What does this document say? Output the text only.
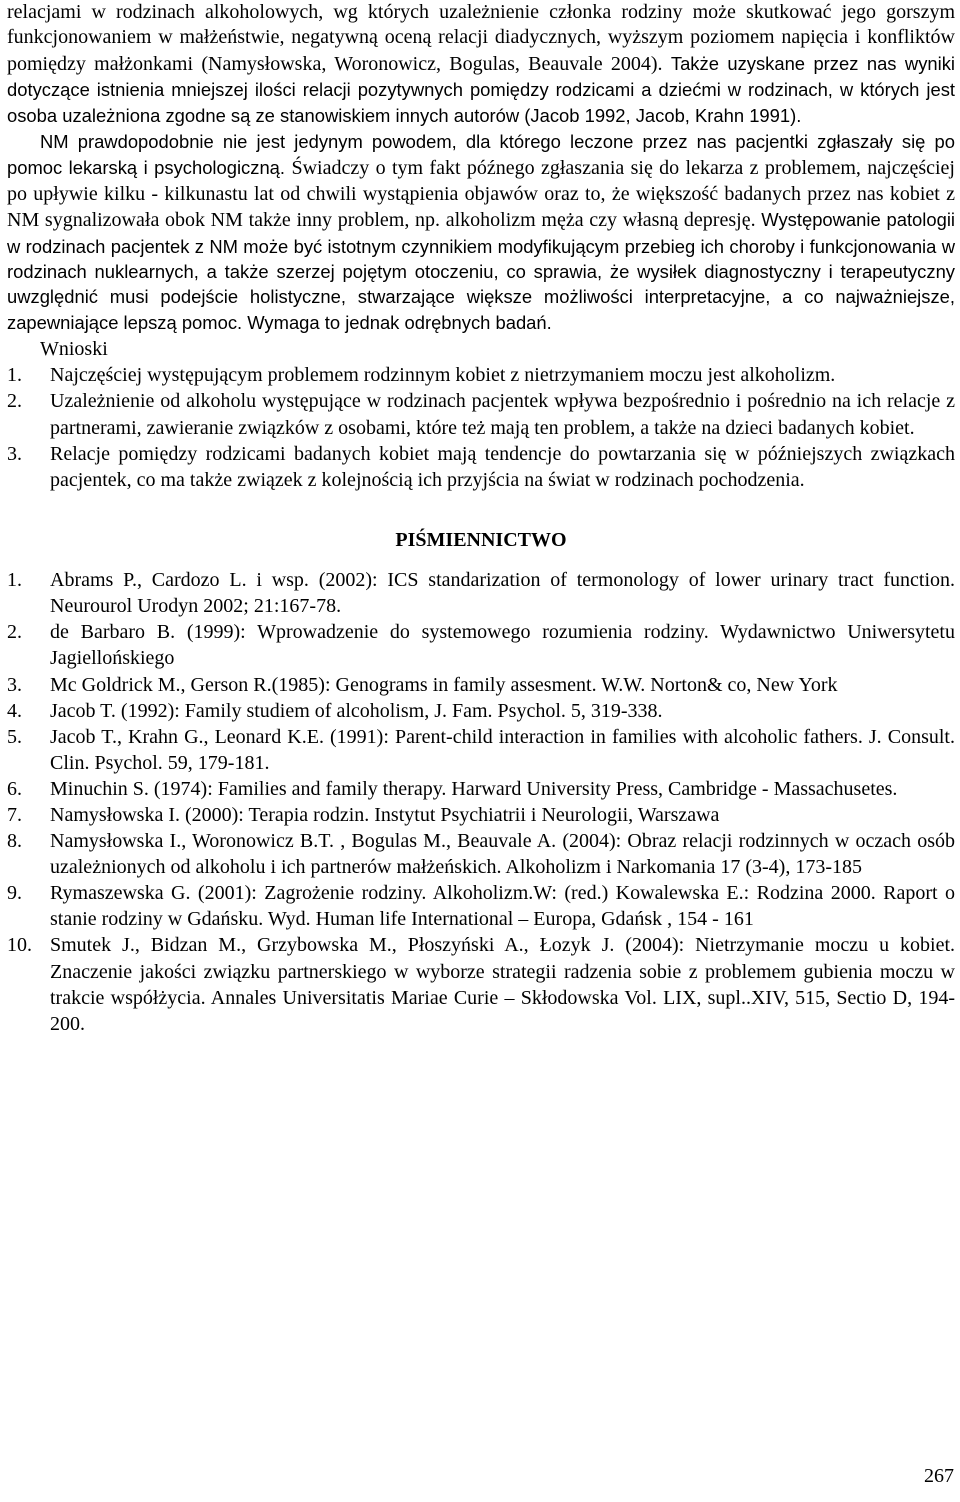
relacjami w rodzinach alkoholowych, wg których uzależnienie członka rodziny może skutkować jego gorszym funkcjonowaniem w małżeństwie, negatywną oceną relacji diadycznych, wyższym poziomem napięcia i konfliktów pomiędzy małżonkami (Namysłowska, Woronowicz, Bogulas, Beauvale 2004). Także uzyskane przez nas wyniki dotyczące istnienia mniejszej ilości relacji pozytywnych pomiędzy rodzicami a dziećmi w rodzinach, w których jest osoba uzależniona zgodne są ze stanowiskiem innych autorów (Jacob 1992, Jacob, Krahn 1991).

NM prawdopodobnie nie jest jedynym powodem, dla którego leczone przez nas pacjentki zgłaszały się po pomoc lekarską i psychologiczną. Świadczy o tym fakt późnego zgłaszania się do lekarza z problemem, najczęściej po upływie kilku - kilkunastu lat od chwili wystąpienia objawów oraz to, że większość badanych przez nas kobiet z NM sygnalizowała obok NM także inny problem, np. alkoholizm męża czy własną depresję. Występowanie patologii w rodzinach pacjentek z NM może być istotnym czynnikiem modyfikującym przebieg ich choroby i funkcjonowania w rodzinach nuklearnych, a także szerzej pojętym otoczeniu, co sprawia, że wysiłek diagnostyczny i terapeutyczny uwzględnić musi podejście holistyczne, stwarzające większe możliwości interpretacyjne, a co najważniejsze, zapewniające lepszą pomoc. Wymaga to jednak odrębnych badań.

Wnioski
1. Najczęściej występującym problemem rodzinnym kobiet z nietrzymaniem moczu jest alkoholizm.
2. Uzależnienie od alkoholu występujące w rodzinach pacjentek wpływa bezpośrednio i pośrednio na ich relacje z partnerami, zawieranie związków z osobami, które też mają ten problem, a także na dzieci badanych kobiet.
3. Relacje pomiędzy rodzicami badanych kobiet mają tendencje do powtarzania się w późniejszych związkach pacjentek, co ma także związek z kolejnością ich przyjścia na świat w rodzinach pochodzenia.
PIŚMIENNICTWO
1. Abrams P., Cardozo L. i wsp. (2002): ICS standarization of termonology of lower urinary tract function. Neurourol Urodyn 2002; 21:167-78.
2. de Barbaro B. (1999): Wprowadzenie do systemowego rozumienia rodziny. Wydawnictwo Uniwersytetu Jagiellońskiego
3. Mc Goldrick M., Gerson R.(1985): Genograms in family assesment. W.W. Norton& co, New York
4. Jacob T. (1992): Family studiem of alcoholism, J. Fam. Psychol. 5, 319-338.
5. Jacob T., Krahn G., Leonard K.E. (1991): Parent-child interaction in families with alcoholic fathers. J. Consult. Clin. Psychol. 59, 179-181.
6. Minuchin S. (1974): Families and family therapy. Harward University Press, Cambridge - Massachusetes.
7. Namysłowska I. (2000): Terapia rodzin. Instytut Psychiatrii i Neurologii, Warszawa
8. Namysłowska I., Woronowicz B.T. , Bogulas M., Beauvale A. (2004): Obraz relacji rodzinnych w oczach osób uzależnionych od alkoholu i ich partnerów małżeńskich. Alkoholizm i Narkomania 17 (3-4), 173-185
9. Rymaszewska G. (2001): Zagrożenie rodziny. Alkoholizm.W: (red.) Kowalewska E.: Rodzina 2000. Raport o stanie rodziny w Gdańsku. Wyd. Human life International – Europa, Gdańsk , 154 - 161
10. Smutek J., Bidzan M., Grzybowska M., Płoszyński A., Łozyk J. (2004): Nietrzymanie moczu u kobiet. Znaczenie jakości związku partnerskiego w wyborze strategii radzenia sobie z problemem gubienia moczu w trakcie współżycia. Annales Universitatis Mariae Curie – Skłodowska Vol. LIX, supl..XIV, 515, Sectio D, 194- 200.
267
